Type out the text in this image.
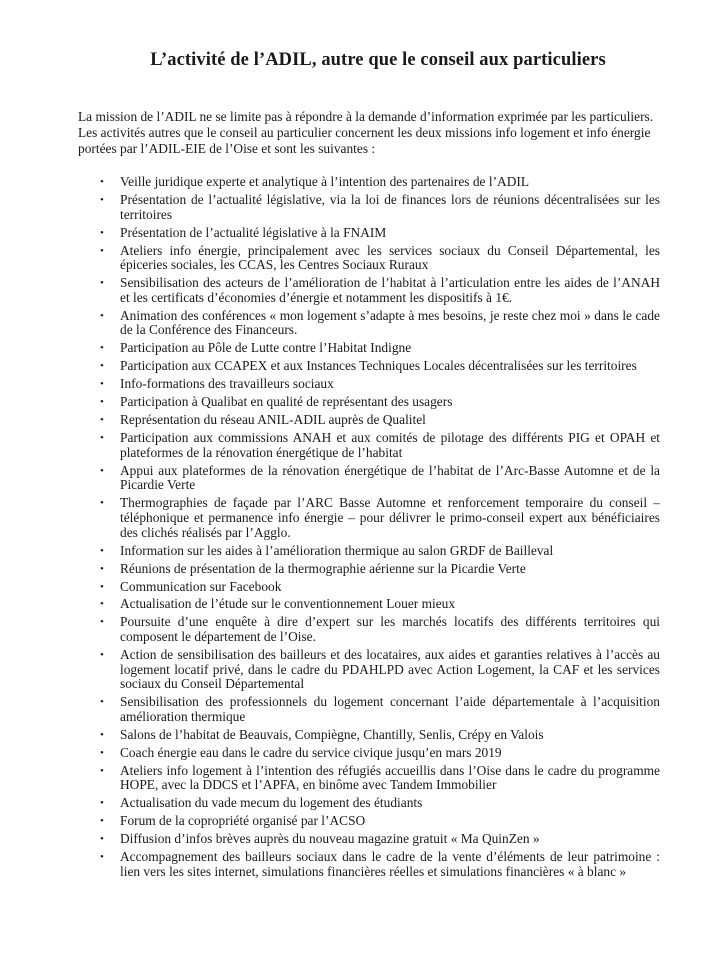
L’activité de l’ADIL, autre que le conseil aux particuliers

La mission de l’ADIL ne se limite pas à répondre à la demande d’information exprimée par les particuliers.

Les activités autres que le conseil au particulier concernent les deux missions info logement et info énergie portées par l’ADIL-EIE de l’Oise et sont les suivantes :

• Veille juridique experte et analytique à l’intention des partenaires de l’ADIL
• Présentation de l’actualité législative, via la loi de finances lors de réunions décentralisées sur les territoires
• Présentation de l’actualité législative à la FNAIM
• Ateliers info énergie, principalement avec les services sociaux du Conseil Départemental, les épiceries sociales, les CCAS, les Centres Sociaux Ruraux
• Sensibilisation des acteurs de l’amélioration de l’habitat à l’articulation entre les aides de l’ANAH et les certificats d’économies d’énergie et notamment les dispositifs à 1€.
• Animation des conférences « mon logement s’adapte à mes besoins, je reste chez moi » dans le cade de la Conférence des Financeurs.
• Participation au Pôle de Lutte contre l’Habitat Indigne
• Participation aux CCAPEX et aux Instances Techniques Locales décentralisées sur les territoires
• Info-formations des travailleurs sociaux
• Participation à Qualibat en qualité de représentant des usagers
• Représentation du réseau ANIL-ADIL auprès de Qualitel
• Participation aux commissions ANAH et aux comités de pilotage des différents PIG et OPAH et plateformes de la rénovation énergétique de l’habitat
• Appui aux plateformes de la rénovation énergétique de l’habitat de l’Arc-Basse Automne et de la Picardie Verte
• Thermographies de façade par l’ARC Basse Automne et renforcement temporaire du conseil – téléphonique et permanence info énergie – pour délivrer le primo-conseil expert aux bénéficiaires des clichés réalisés par l’Agglo.
• Information sur les aides à l’amélioration thermique au salon GRDF de Bailleval
• Réunions de présentation de la thermographie aérienne sur la Picardie Verte
• Communication sur Facebook
• Actualisation de l’étude sur le conventionnement Louer mieux
• Poursuite d’une enquête à dire d’expert sur les marchés locatifs des différents territoires qui composent le département de l’Oise.
• Action de sensibilisation des bailleurs et des locataires, aux aides et garanties relatives à l’accès au logement locatif privé, dans le cadre du PDAHLPD avec Action Logement, la CAF et les services sociaux du Conseil Départemental
• Sensibilisation des professionnels du logement concernant l’aide départementale à l’acquisition amélioration thermique
• Salons de l’habitat de Beauvais, Compiègne, Chantilly, Senlis, Crépy en Valois
• Coach énergie eau dans le cadre du service civique jusqu’en mars 2019
• Ateliers info logement à l’intention des réfugiés accueillis dans l’Oise dans le cadre du programme HOPE, avec la DDCS et l’APFA, en binôme avec Tandem Immobilier
• Actualisation du vade mecum du logement des étudiants
• Forum de la copropriété organisé par l’ACSO
• Diffusion d’infos brèves auprès du nouveau magazine gratuit « Ma QuinZen »
• Accompagnement des bailleurs sociaux dans le cadre de la vente d’éléments de leur patrimoine : lien vers les sites internet, simulations financières réelles et simulations financières « à blanc »
